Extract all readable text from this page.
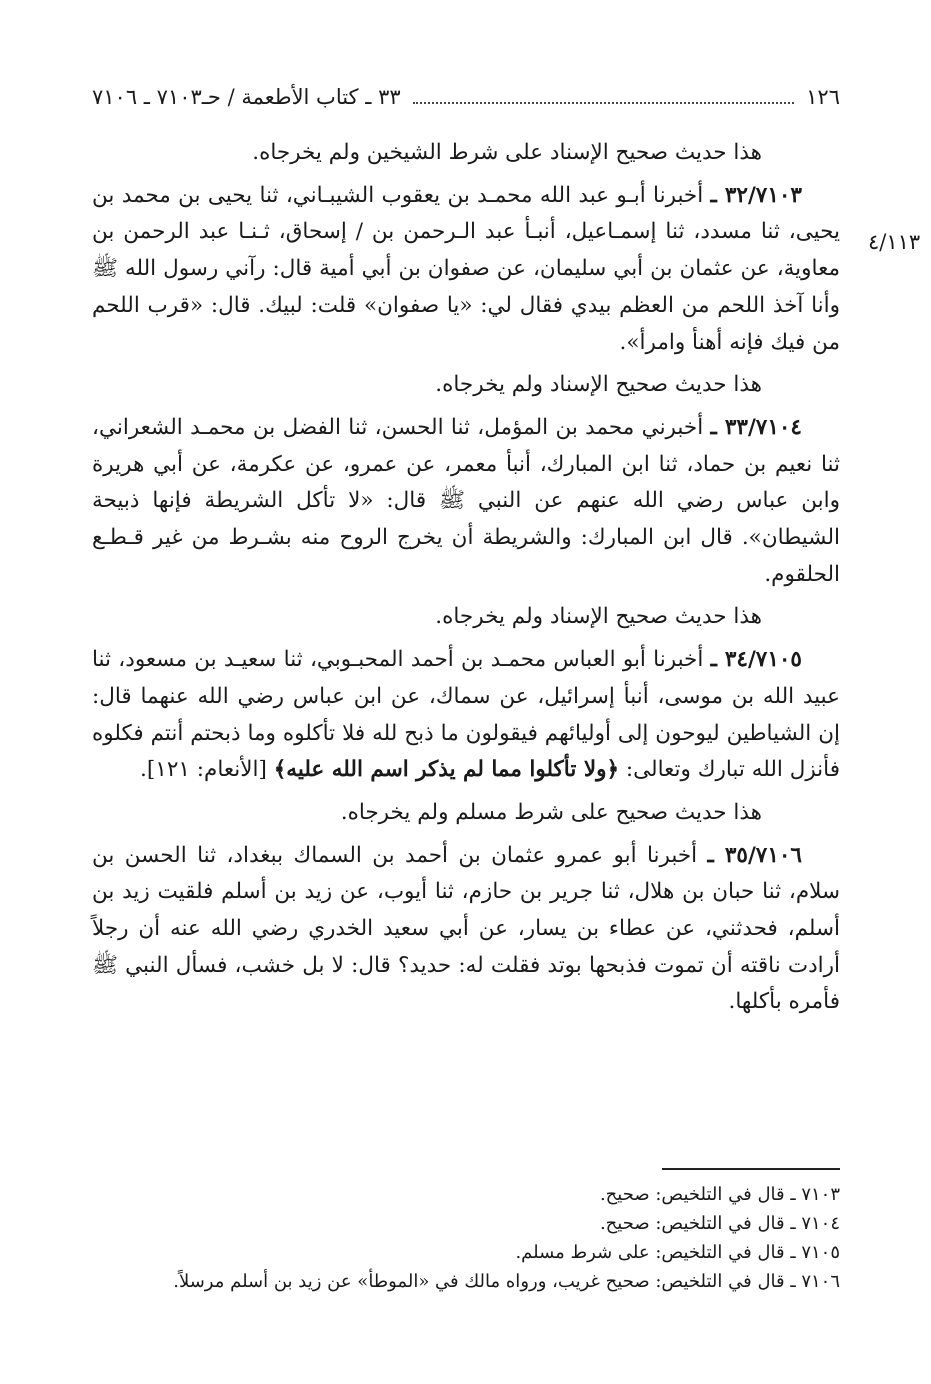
١٢٦
٣٣ ـ كتاب الأطعمة / حـ٧١٠٣ ـ ٧١٠٦
٤/١١٣

هذا حديث صحيح الإسناد على شرط الشيخين ولم يخرجاه.

٣٢/٧١٠٣ ـ أخبرنا أبـو عبد الله محمـد بن يعقوب الشيبـاني، ثنا يحيى بن محمد بن يحيى، ثنا مسدد، ثنا إسمـاعيل، أنبـأ عبد الـرحمن بن / إسحاق، ثـنـا عبد الرحمن بن معاوية، عن عثمان بن أبي سليمان، عن صفوان بن أبي أمية قال: رآني رسول الله ﷺ وأنا آخذ اللحم من العظم بيدي فقال لي: «يا صفوان» قلت: لبيك. قال: «قرب اللحم من فيك فإنه أهنأ وامرأ».

هذا حديث صحيح الإسناد ولم يخرجاه.

٣٣/٧١٠٤ ـ أخبرني محمد بن المؤمل، ثنا الحسن، ثنا الفضل بن محمـد الشعراني، ثنا نعيم بن حماد، ثنا ابن المبارك، أنبأ معمر، عن عمرو، عن عكرمة، عن أبي هريرة وابن عباس رضي الله عنهم عن النبي ﷺ قال: «لا تأكل الشريطة فإنها ذبيحة الشيطان». قال ابن المبارك: والشريطة أن يخرج الروح منه بشـرط من غير قـطـع الحلقوم.

هذا حديث صحيح الإسناد ولم يخرجاه.

٣٤/٧١٠٥ ـ أخبرنا أبو العباس محمـد بن أحمد المحبـوبي، ثنا سعيـد بن مسعود، ثنا عبيد الله بن موسى، أنبأ إسرائيل، عن سماك، عن ابن عباس رضي الله عنهما قال: إن الشياطين ليوحون إلى أوليائهم فيقولون ما ذبح لله فلا تأكلوه وما ذبحتم أنتم فكلوه فأنزل الله تبارك وتعالى: ﴿ولا تأكلوا مما لم يذكر اسم الله عليه﴾ [الأنعام: ١٢١].

هذا حديث صحيح على شرط مسلم ولم يخرجاه.

٣٥/٧١٠٦ ـ أخبرنا أبو عمرو عثمان بن أحمد بن السماك ببغداد، ثنا الحسن بن سلام، ثنا حبان بن هلال، ثنا جرير بن حازم، ثنا أيوب، عن زيد بن أسلم فلقيت زيد بن أسلم، فحدثني، عن عطاء بن يسار، عن أبي سعيد الخدري رضي الله عنه أن رجلاً أرادت ناقته أن تموت فذبحها بوتد فقلت له: حديد؟ قال: لا بل خشب، فسأل النبي ﷺ فأمره بأكلها.

٧١٠٣ ـ قال في التلخيص: صحيح.

٧١٠٤ ـ قال في التلخيص: صحيح.

٧١٠٥ ـ قال في التلخيص: على شرط مسلم.

٧١٠٦ ـ قال في التلخيص: صحيح غريب، ورواه مالك في «الموطأ» عن زيد بن أسلم مرسلاً.
